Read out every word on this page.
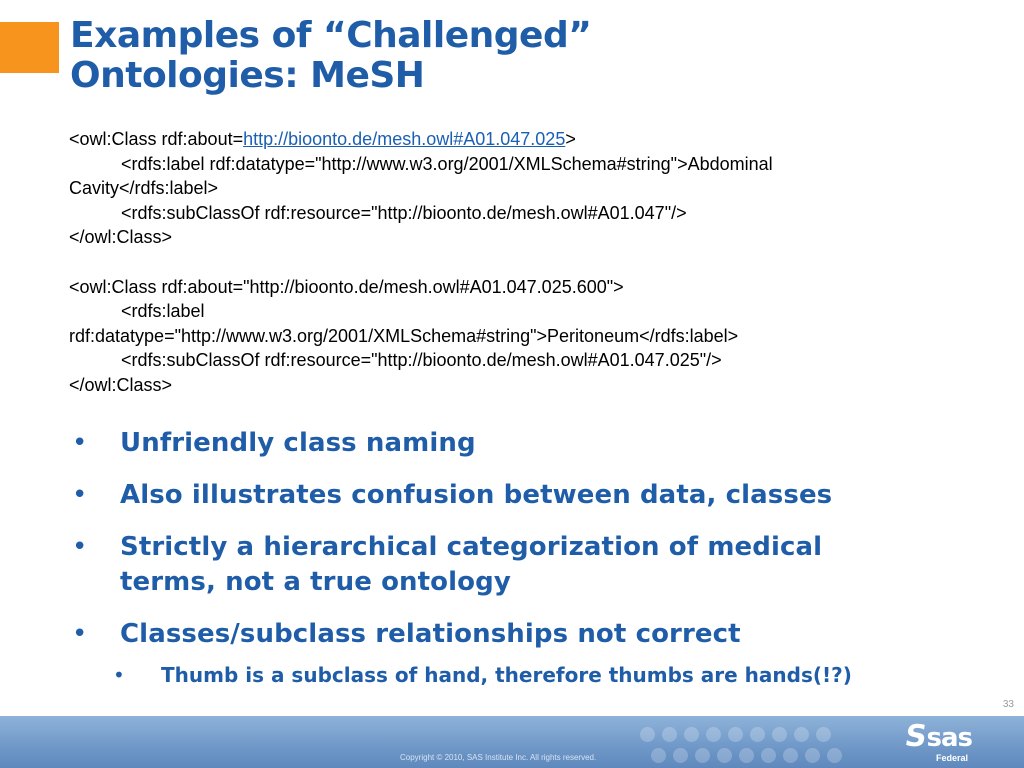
Examples of “Challenged”
Ontologies: MeSH
<owl:Class rdf:about=http://bioonto.de/mesh.owl#A01.047.025>
<rdfs:label rdf:datatype="http://www.w3.org/2001/XMLSchema#string">Abdominal
Cavity</rdfs:label>
<rdfs:subClassOf rdf:resource="http://bioonto.de/mesh.owl#A01.047"/>
</owl:Class>
<owl:Class rdf:about="http://bioonto.de/mesh.owl#A01.047.025.600">
<rdfs:label
rdf:datatype="http://www.w3.org/2001/XMLSchema#string">Peritoneum</rdfs:label>
<rdfs:subClassOf rdf:resource="http://bioonto.de/mesh.owl#A01.047.025"/>
</owl:Class>
• Unfriendly class naming
• Also illustrates confusion between data, classes
• Strictly a hierarchical categorization of medical terms, not a true ontology
• Classes/subclass relationships not correct
• Thumb is a subclass of hand, therefore thumbs are hands(!?)
33
Copyright © 2010, SAS Institute Inc. All rights reserved.
Ssas
Federal
